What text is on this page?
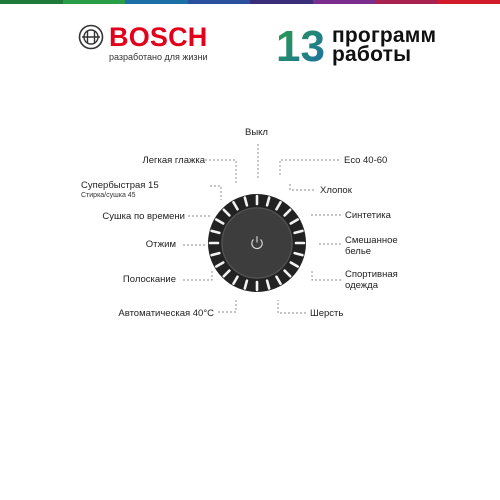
BOSCH
разработано для жизни 13 программ
работы
Выкл
Легкая глажка
Супербыстрая 15
Стирка/сушка 45
Сушка по времени
Отжим
Полоскание
Автоматическая 40°C
Eco 40-60
Хлопок
Синтетика
Смешанное
белье
Спортивная
одежда
Шерсть
